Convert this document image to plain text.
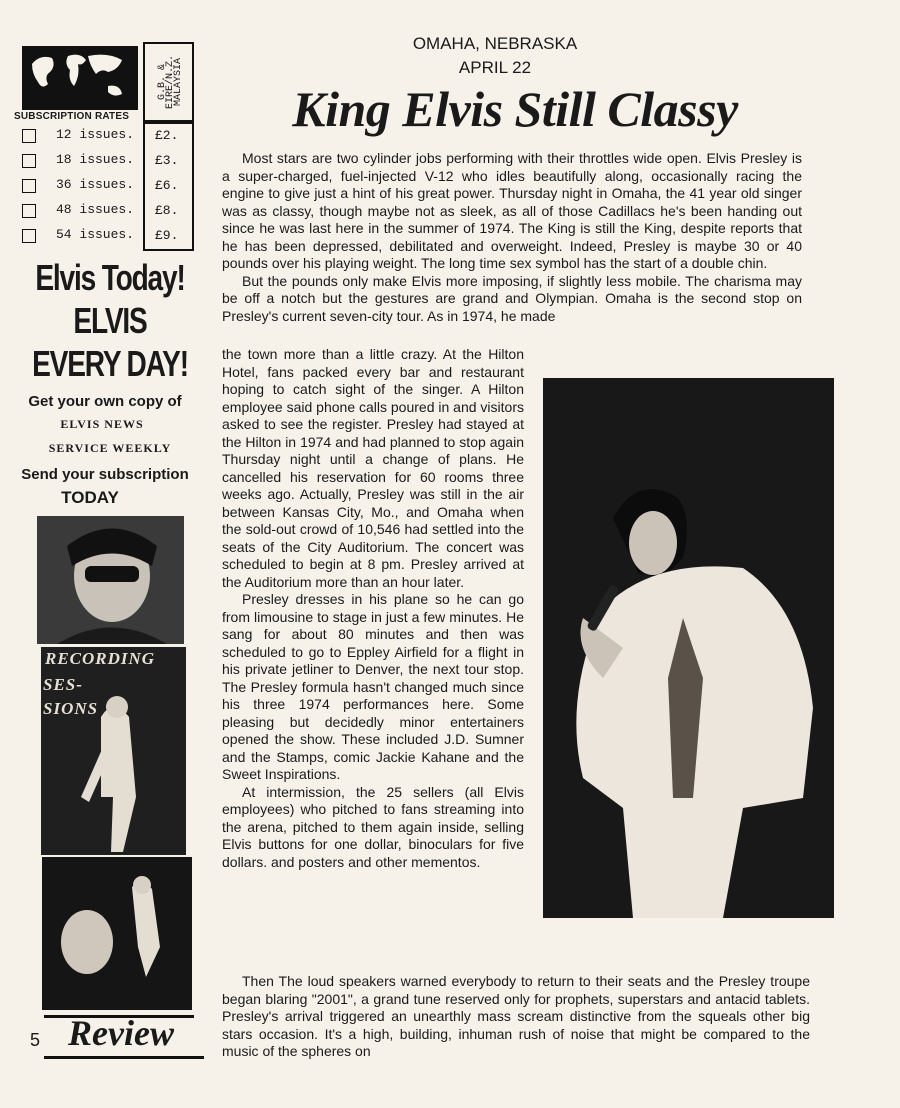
SUBSCRIPTION RATES
G.B. &
EIRE/N.Z.
MALAYSIA
12 issues.
18 issues.
36 issues.
48 issues.
54 issues.
£2.
£3.
£6.
£8.
£9.
Elvis Today!
ELVIS
EVERY DAY!
Get your own copy of
ELVIS NEWS
SERVICE WEEKLY
Send your subscription
TODAY
RECORDING
SES-
SIONS
5 Review
OMAHA, NEBRASKA
APRIL 22
King Elvis Still Classy

Most stars are two cylinder jobs performing with their throttles wide open. Elvis Presley is a super-charged, fuel-injected V-12 who idles beautifully along, occasionally racing the engine to give just a hint of his great power. Thursday night in Omaha, the 41 year old singer was as classy, though maybe not as sleek, as all of those Cadillacs he's been handing out since he was last here in the summer of 1974. The King is still the King, despite reports that he has been depressed, debilitated and overweight. Indeed, Presley is maybe 30 or 40 pounds over his playing weight. The long time sex symbol has the start of a double chin.

But the pounds only make Elvis more imposing, if slightly less mobile. The charisma may be off a notch but the gestures are grand and Olympian. Omaha is the second stop on Presley's current seven-city tour. As in 1974, he made

the town more than a little crazy. At the Hilton Hotel, fans packed every bar and restaurant hoping to catch sight of the singer. A Hilton employee said phone calls poured in and visitors asked to see the register. Presley had stayed at the Hilton in 1974 and had planned to stop again Thursday night until a change of plans. He cancelled his reservation for 60 rooms three weeks ago. Actually, Presley was still in the air between Kansas City, Mo., and Omaha when the sold-out crowd of 10,546 had settled into the seats of the City Auditorium. The concert was scheduled to begin at 8 pm. Presley arrived at the Auditorium more than an hour later.

Presley dresses in his plane so he can go from limousine to stage in just a few minutes. He sang for about 80 minutes and then was scheduled to go to Eppley Airfield for a flight in his private jetliner to Denver, the next tour stop. The Presley formula hasn't changed much since his three 1974 performances here. Some pleasing but decidedly minor entertainers opened the show. These included J.D. Sumner and the Stamps, comic Jackie Kahane and the Sweet Inspirations.

At intermission, the 25 sellers (all Elvis employees) who pitched to fans streaming into the arena, pitched to them again inside, selling Elvis buttons for one dollar, binoculars for five dollars. and posters and other mementos.

Then The loud speakers warned everybody to return to their seats and the Presley troupe began blaring "2001", a grand tune reserved only for prophets, superstars and antacid tablets. Presley's arrival triggered an unearthly mass scream distinctive from the squeals other big stars occasion. It's a high, building, inhuman rush of noise that might be compared to the music of the spheres on
